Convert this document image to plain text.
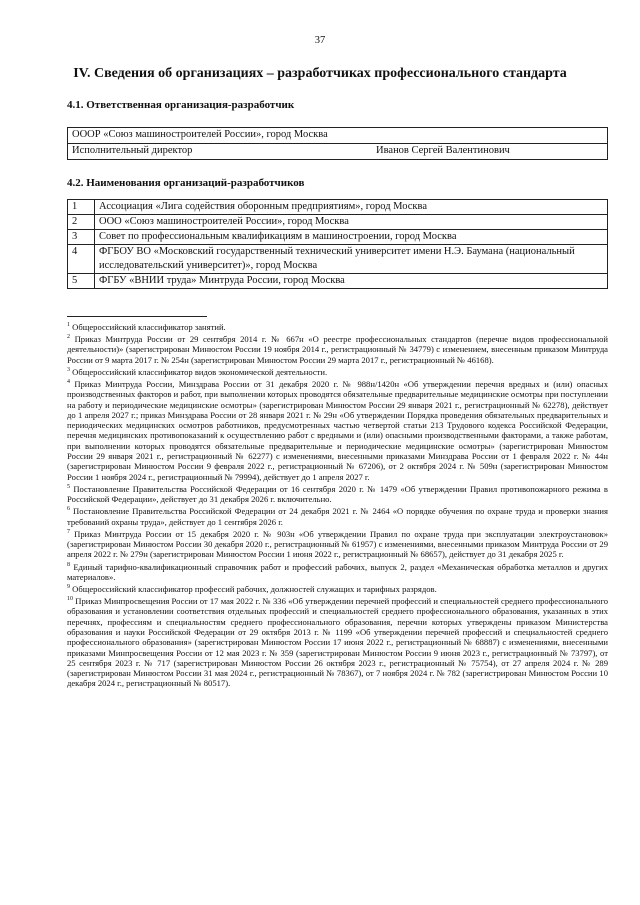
37
IV. Сведения об организациях – разработчиках профессионального стандарта
4.1. Ответственная организация-разработчик
ОООР «Союз машиностроителей России», город Москва
Исполнительный директор	Иванов Сергей Валентинович
4.2. Наименования организаций-разработчиков
1	Ассоциация «Лига содействия оборонным предприятиям», город Москва
2	ООО «Союз машиностроителей России», город Москва
3	Совет по профессиональным квалификациям в машиностроении, город Москва
4	ФГБОУ ВО «Московский государственный технический университет имени Н.Э. Баумана (национальный исследовательский университет)», город Москва
5	ФГБУ «ВНИИ труда» Минтруда России, город Москва

$^1$ Общероссийский классификатор занятий.

$^2$ Приказ Минтруда России от 29 сентября 2014 г. № 667н «О реестре профессиональных стандартов (перечне видов профессиональной деятельности)» (зарегистрирован Минюстом России 19 ноября 2014 г., регистрационный № 34779) с изменением, внесенным приказом Минтруда России от 9 марта 2017 г. № 254н (зарегистрирован Минюстом России 29 марта 2017 г., регистрационный № 46168).

$^3$ Общероссийский классификатор видов экономической деятельности.

$^4$ Приказ Минтруда России, Минздрава России от 31 декабря 2020 г. № 988н/1420н «Об утверждении перечня вредных и (или) опасных производственных факторов и работ, при выполнении которых проводятся обязательные предварительные медицинские осмотры при поступлении на работу и периодические медицинские осмотры» (зарегистрирован Минюстом России 29 января 2021 г., регистрационный № 62278), действует до 1 апреля 2027 г.; приказ Минздрава России от 28 января 2021 г. № 29н «Об утверждении Порядка проведения обязательных предварительных и периодических медицинских осмотров работников, предусмотренных частью четвертой статьи 213 Трудового кодекса Российской Федерации, перечня медицинских противопоказаний к осуществлению работ с вредными и (или) опасными производственными факторами, а также работам, при выполнении которых проводятся обязательные предварительные и периодические медицинские осмотры» (зарегистрирован Минюстом России 29 января 2021 г., регистрационный № 62277) с изменениями, внесенными приказами Минздрава России от 1 февраля 2022 г. № 44н (зарегистрирован Минюстом России 9 февраля 2022 г., регистрационный № 67206), от 2 октября 2024 г. № 509н (зарегистрирован Минюстом России 1 ноября 2024 г., регистрационный № 79994), действует до 1 апреля 2027 г.

$^5$ Постановление Правительства Российской Федерации от 16 сентября 2020 г. № 1479 «Об утверждении Правил противопожарного режима в Российской Федерации», действует до 31 декабря 2026 г. включительно.

$^6$ Постановление Правительства Российской Федерации от 24 декабря 2021 г. № 2464 «О порядке обучения по охране труда и проверки знания требований охраны труда», действует до 1 сентября 2026 г.

$^7$ Приказ Минтруда России от 15 декабря 2020 г. № 903н «Об утверждении Правил по охране труда при эксплуатации электроустановок» (зарегистрирован Минюстом России 30 декабря 2020 г., регистрационный № 61957) с изменениями, внесенными приказом Минтруда России от 29 апреля 2022 г. № 279н (зарегистрирован Минюстом России 1 июня 2022 г., регистрационный № 68657), действует до 31 декабря 2025 г.

$^8$ Единый тарифно-квалификационный справочник работ и профессий рабочих, выпуск 2, раздел «Механическая обработка металлов и других материалов».

$^9$ Общероссийский классификатор профессий рабочих, должностей служащих и тарифных разрядов.

$^{10}$ Приказ Минпросвещения России от 17 мая 2022 г. № 336 «Об утверждении перечней профессий и специальностей среднего профессионального образования и установлении соответствия отдельных профессий и специальностей среднего профессионального образования, указанных в этих перечнях, профессиям и специальностям среднего профессионального образования, перечни которых утверждены приказом Министерства образования и науки Российской Федерации от 29 октября 2013 г. № 1199 «Об утверждении перечней профессий и специальностей среднего профессионального образования» (зарегистрирован Минюстом России 17 июня 2022 г., регистрационный № 68887) с изменениями, внесенными приказами Минпросвещения России от 12 мая 2023 г. № 359 (зарегистрирован Минюстом России 9 июня 2023 г., регистрационный № 73797), от 25 сентября 2023 г. № 717 (зарегистрирован Минюстом России 26 октября 2023 г., регистрационный № 75754), от 27 апреля 2024 г. № 289 (зарегистрирован Минюстом России 31 мая 2024 г., регистрационный № 78367), от 7 ноября 2024 г. № 782 (зарегистрирован Минюстом России 10 декабря 2024 г., регистрационный № 80517).
